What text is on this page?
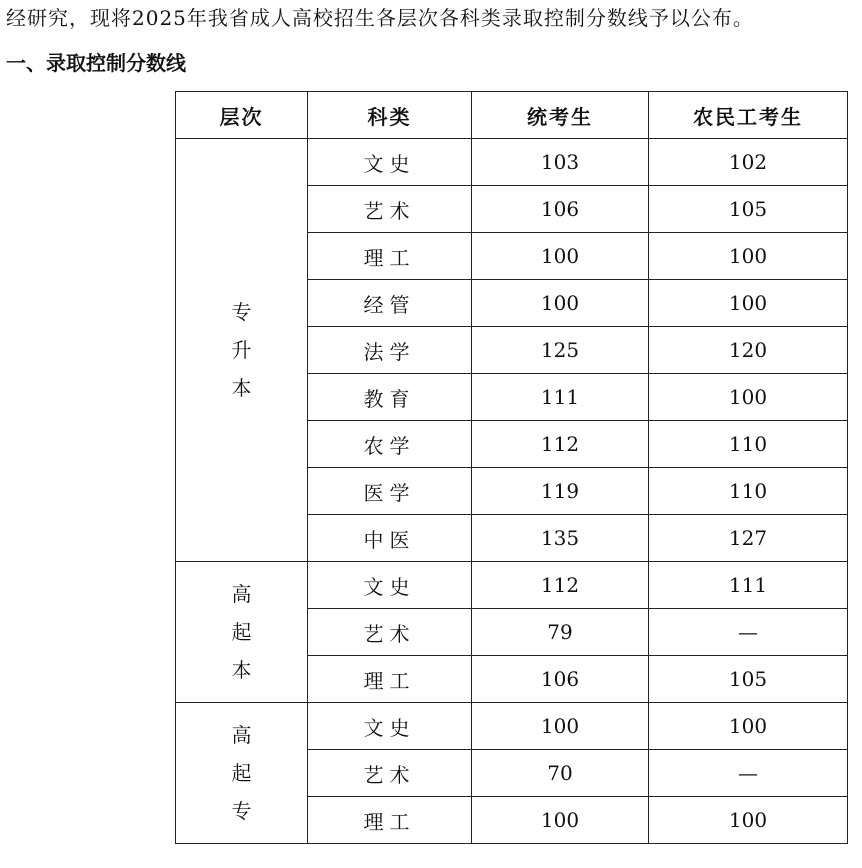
经研究，现将2025年我省成人高校招生各层次各科类录取控制分数线予以公布。
一、录取控制分数线
层次	科类	统考生	农民工考生
专升本	文史	103	102
	艺术	106	105
	理工	100	100
	经管	100	100
	法学	125	120
	教育	111	100
	农学	112	110
	医学	119	110
	中医	135	127
高起本	文史	112	111
	艺术	79	—
	理工	106	105
高起专	文史	100	100
	艺术	70	—
	理工	100	100
